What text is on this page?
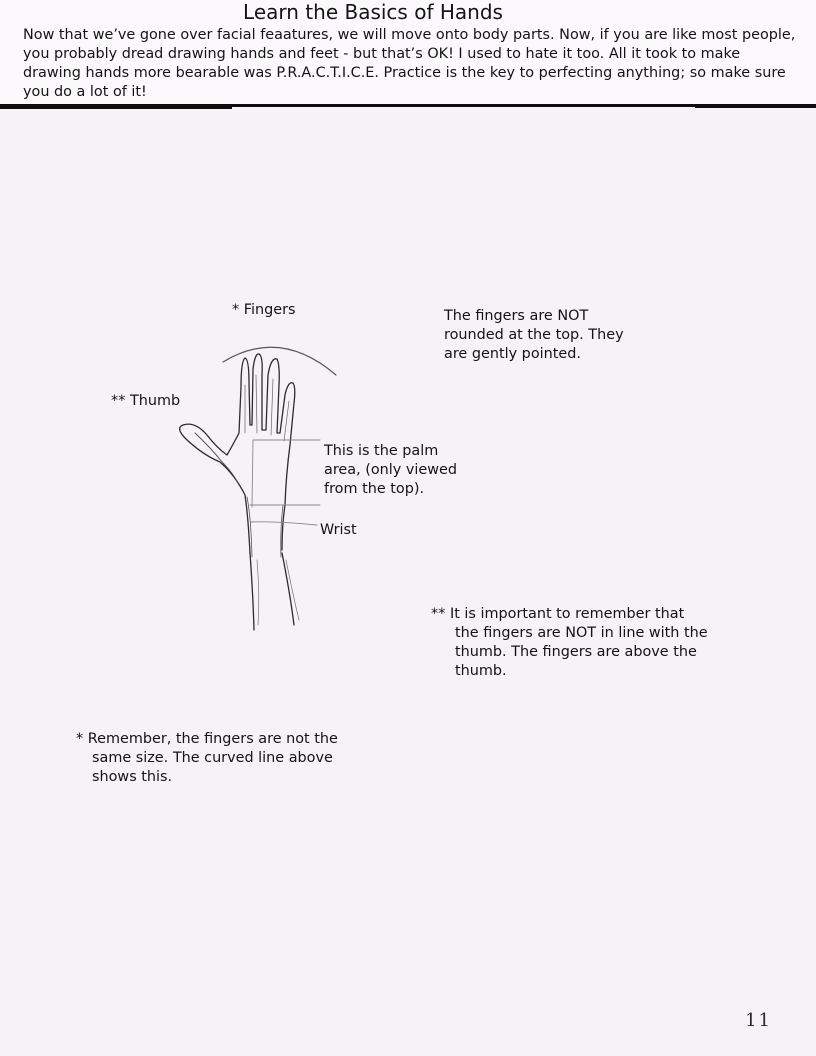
Learn the Basics of Hands
Now that we’ve gone over facial feaatures, we will move onto body parts. Now, if you are like most people, you probably dread drawing hands and feet - but that’s OK! I used to hate it too. All it took to make drawing hands more bearable was P.R.A.C.T.I.C.E. Practice is the key to perfecting anything; so make sure you do a lot of it!
* Fingers
** Thumb
This is the palm area, (only viewed from the top).
Wrist
The fingers are NOT rounded at the top. They are gently pointed.
** It is important to remember that the fingers are NOT in line with the thumb. The fingers are above the thumb.
* Remember, the fingers are not the same size. The curved line above shows this.
11
